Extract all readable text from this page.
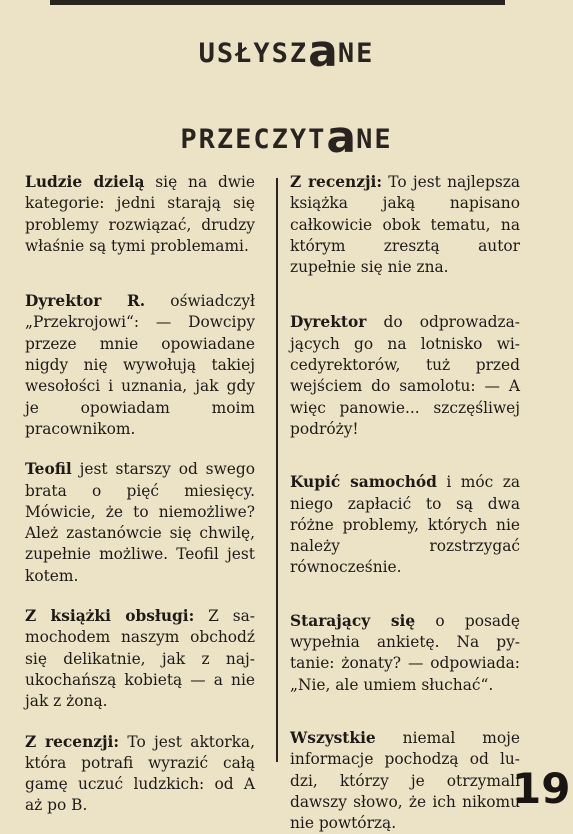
USŁYSZaNE
PRZECZYTaNE

Ludzie dzielą się na dwie kategorie: jedni starają się problemy rozwiązać, drudzy właśnie są tymi problemami.

Dyrektor R. oświadczył „Przekrojowi“: — Dowcipy przeze mnie opowiadane nigdy nię wywołują takiej wesołości i uznania, jak gdy je opowiadam moim pracownikom.

Teofil jest starszy od swego brata o pięć miesięcy. Mówicie, że to niemożliwe? Ależ zastanówcie się chwilę, zupełnie możliwe. Teofil jest kotem.

Z książki obsługi: Z samochodem naszym obchodź się delikatnie, jak z najukochańszą kobietą — a nie jak z żoną.

Z recenzji: To jest aktorka, która potrafi wyrazić całą gamę uczuć ludzkich: od A aż po B.

Z recenzji: To jest najlepsza książka jaką napisano całkowicie obok tematu, na którym zresztą autor zupełnie się nie zna.

Dyrektor do odprowadzających go na lotnisko wicedyrektorów, tuż przed wejściem do samolotu: — A więc panowie... szczęśliwej podróży!

Kupić samochód i móc za niego zapłacić to są dwa różne problemy, których nie należy rozstrzygać równocześnie.

Starający się o posadę wypełnia ankietę. Na pytanie: żonaty? — odpowiada: „Nie, ale umiem słuchać“.

Wszystkie niemal moje informacje pochodzą od ludzi, którzy je otrzymali dawszy słowo, że ich nikomu nie powtórzą.

19
